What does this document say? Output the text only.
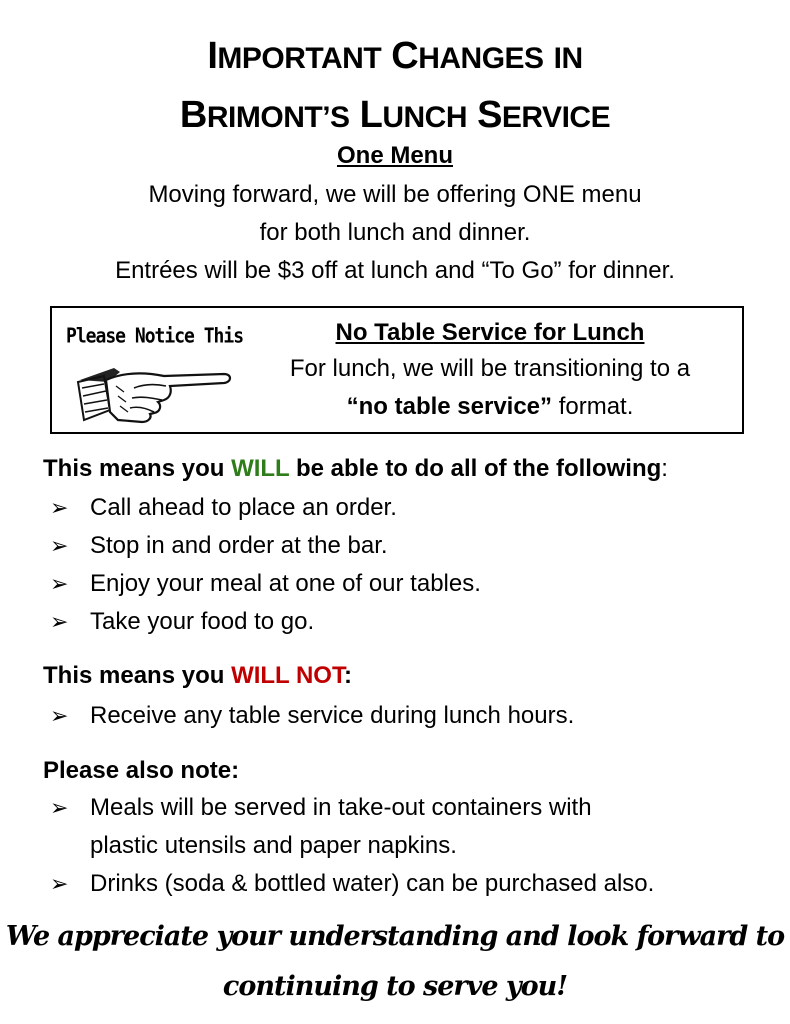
IMPORTANT CHANGES IN
BRIMONT’S LUNCH SERVICE
One Menu
Moving forward, we will be offering ONE menu
for both lunch and dinner.
Entrées will be $3 off at lunch and “To Go” for dinner.
Please Notice This	No Table Service for Lunch
For lunch, we will be transitioning to a
“no table service” format.
This means you WILL be able to do all of the following:
➢ Call ahead to place an order.
➢ Stop in and order at the bar.
➢ Enjoy your meal at one of our tables.
➢ Take your food to go.
This means you WILL NOT:
➢ Receive any table service during lunch hours.
Please also note:
➢ Meals will be served in take-out containers with
plastic utensils and paper napkins.
➢ Drinks (soda & bottled water) can be purchased also.
We appreciate your understanding and look forward to
continuing to serve you!
